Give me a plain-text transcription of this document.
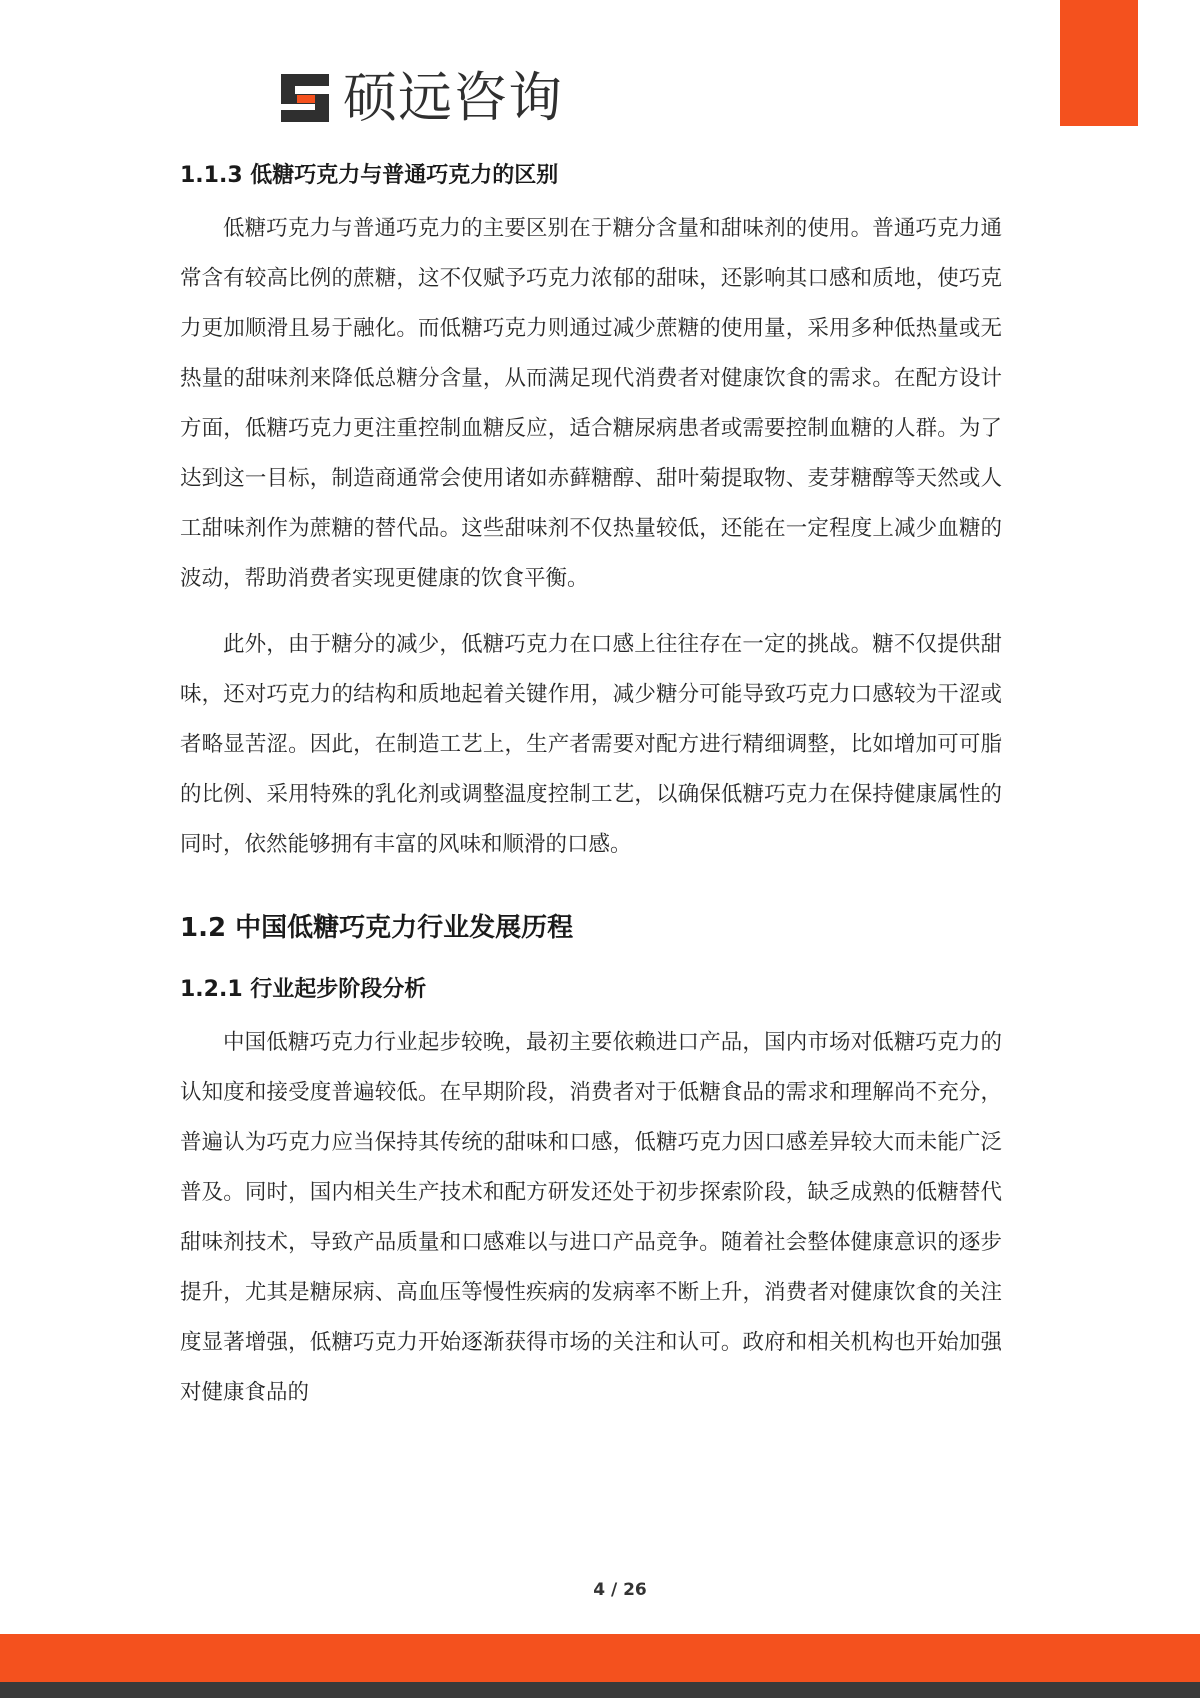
硕远咨询
1.1.3 低糖巧克力与普通巧克力的区别

低糖巧克力与普通巧克力的主要区别在于糖分含量和甜味剂的使用。普通巧克力通常含有较高比例的蔗糖，这不仅赋予巧克力浓郁的甜味，还影响其口感和质地，使巧克力更加顺滑且易于融化。而低糖巧克力则通过减少蔗糖的使用量，采用多种低热量或无热量的甜味剂来降低总糖分含量，从而满足现代消费者对健康饮食的需求。在配方设计方面，低糖巧克力更注重控制血糖反应，适合糖尿病患者或需要控制血糖的人群。为了达到这一目标，制造商通常会使用诸如赤藓糖醇、甜叶菊提取物、麦芽糖醇等天然或人工甜味剂作为蔗糖的替代品。这些甜味剂不仅热量较低，还能在一定程度上减少血糖的波动，帮助消费者实现更健康的饮食平衡。

此外，由于糖分的减少，低糖巧克力在口感上往往存在一定的挑战。糖不仅提供甜味，还对巧克力的结构和质地起着关键作用，减少糖分可能导致巧克力口感较为干涩或者略显苦涩。因此，在制造工艺上，生产者需要对配方进行精细调整，比如增加可可脂的比例、采用特殊的乳化剂或调整温度控制工艺，以确保低糖巧克力在保持健康属性的同时，依然能够拥有丰富的风味和顺滑的口感。

1.2 中国低糖巧克力行业发展历程
1.2.1 行业起步阶段分析

中国低糖巧克力行业起步较晚，最初主要依赖进口产品，国内市场对低糖巧克力的认知度和接受度普遍较低。在早期阶段，消费者对于低糖食品的需求和理解尚不充分，普遍认为巧克力应当保持其传统的甜味和口感，低糖巧克力因口感差异较大而未能广泛普及。同时，国内相关生产技术和配方研发还处于初步探索阶段，缺乏成熟的低糖替代甜味剂技术，导致产品质量和口感难以与进口产品竞争。随着社会整体健康意识的逐步提升，尤其是糖尿病、高血压等慢性疾病的发病率不断上升，消费者对健康饮食的关注度显著增强，低糖巧克力开始逐渐获得市场的关注和认可。政府和相关机构也开始加强对健康食品的

4 / 26
